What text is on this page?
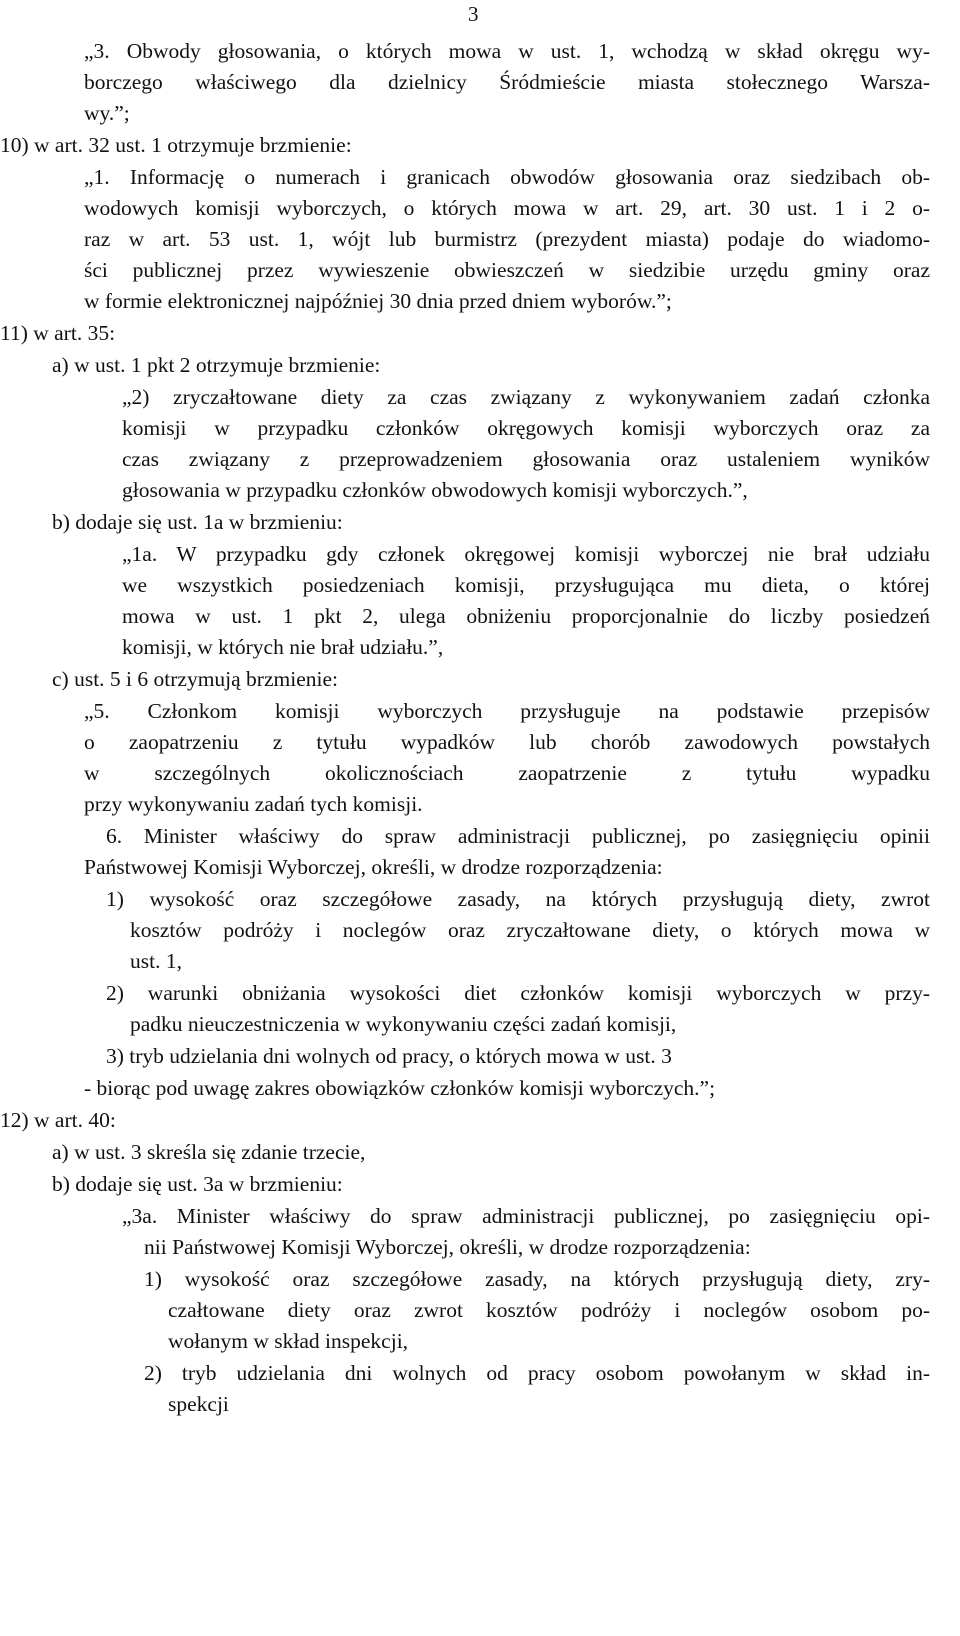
3
„3. Obwody głosowania, o których mowa w ust. 1, wchodzą w skład okręgu wy-
borczego właściwego dla dzielnicy Śródmieście miasta stołecznego Warsza-
wy.”;
10) w art. 32 ust. 1 otrzymuje brzmienie:
„1. Informację o numerach i granicach obwodów głosowania oraz siedzibach ob-
wodowych komisji wyborczych, o których mowa w art. 29, art. 30 ust. 1 i 2 o-
raz w art. 53 ust. 1, wójt lub burmistrz (prezydent miasta) podaje do wiadomo-
ści publicznej przez wywieszenie obwieszczeń w siedzibie urzędu gminy oraz
w formie elektronicznej najpóźniej 30 dnia przed dniem wyborów.”;
11) w art. 35:
a) w ust. 1 pkt 2 otrzymuje brzmienie:
„2) zryczałtowane diety za czas związany z wykonywaniem zadań członka
komisji w przypadku członków okręgowych komisji wyborczych oraz za
czas związany z przeprowadzeniem głosowania oraz ustaleniem wyników
głosowania w przypadku członków obwodowych komisji wyborczych.”,
b) dodaje się ust. 1a w brzmieniu:
„1a. W przypadku gdy członek okręgowej komisji wyborczej nie brał udziału
we wszystkich posiedzeniach komisji, przysługująca mu dieta, o której
mowa w ust. 1 pkt 2, ulega obniżeniu proporcjonalnie do liczby posiedzeń
komisji, w których nie brał udziału.”,
c) ust. 5 i 6 otrzymują brzmienie:
„5. Członkom komisji wyborczych przysługuje na podstawie przepisów
o zaopatrzeniu z tytułu wypadków lub chorób zawodowych powstałych
w szczególnych okolicznościach zaopatrzenie z tytułu wypadku
przy wykonywaniu zadań tych komisji.
6. Minister właściwy do spraw administracji publicznej, po zasięgnięciu opinii
Państwowej Komisji Wyborczej, określi, w drodze rozporządzenia:
1) wysokość oraz szczegółowe zasady, na których przysługują diety, zwrot
kosztów podróży i noclegów oraz zryczałtowane diety, o których mowa w
ust. 1,
2) warunki obniżania wysokości diet członków komisji wyborczych w przy-
padku nieuczestniczenia w wykonywaniu części zadań komisji,
3) tryb udzielania dni wolnych od pracy, o których mowa w ust. 3
- biorąc pod uwagę zakres obowiązków członków komisji wyborczych.”;
12) w art. 40:
a) w ust. 3 skreśla się zdanie trzecie,
b) dodaje się ust. 3a w brzmieniu:
„3a. Minister właściwy do spraw administracji publicznej, po zasięgnięciu opi-
nii Państwowej Komisji Wyborczej, określi, w drodze rozporządzenia:
1) wysokość oraz szczegółowe zasady, na których przysługują diety, zry-
czałtowane diety oraz zwrot kosztów podróży i noclegów osobom po-
wołanym w skład inspekcji,
2) tryb udzielania dni wolnych od pracy osobom powołanym w skład in-
spekcji
